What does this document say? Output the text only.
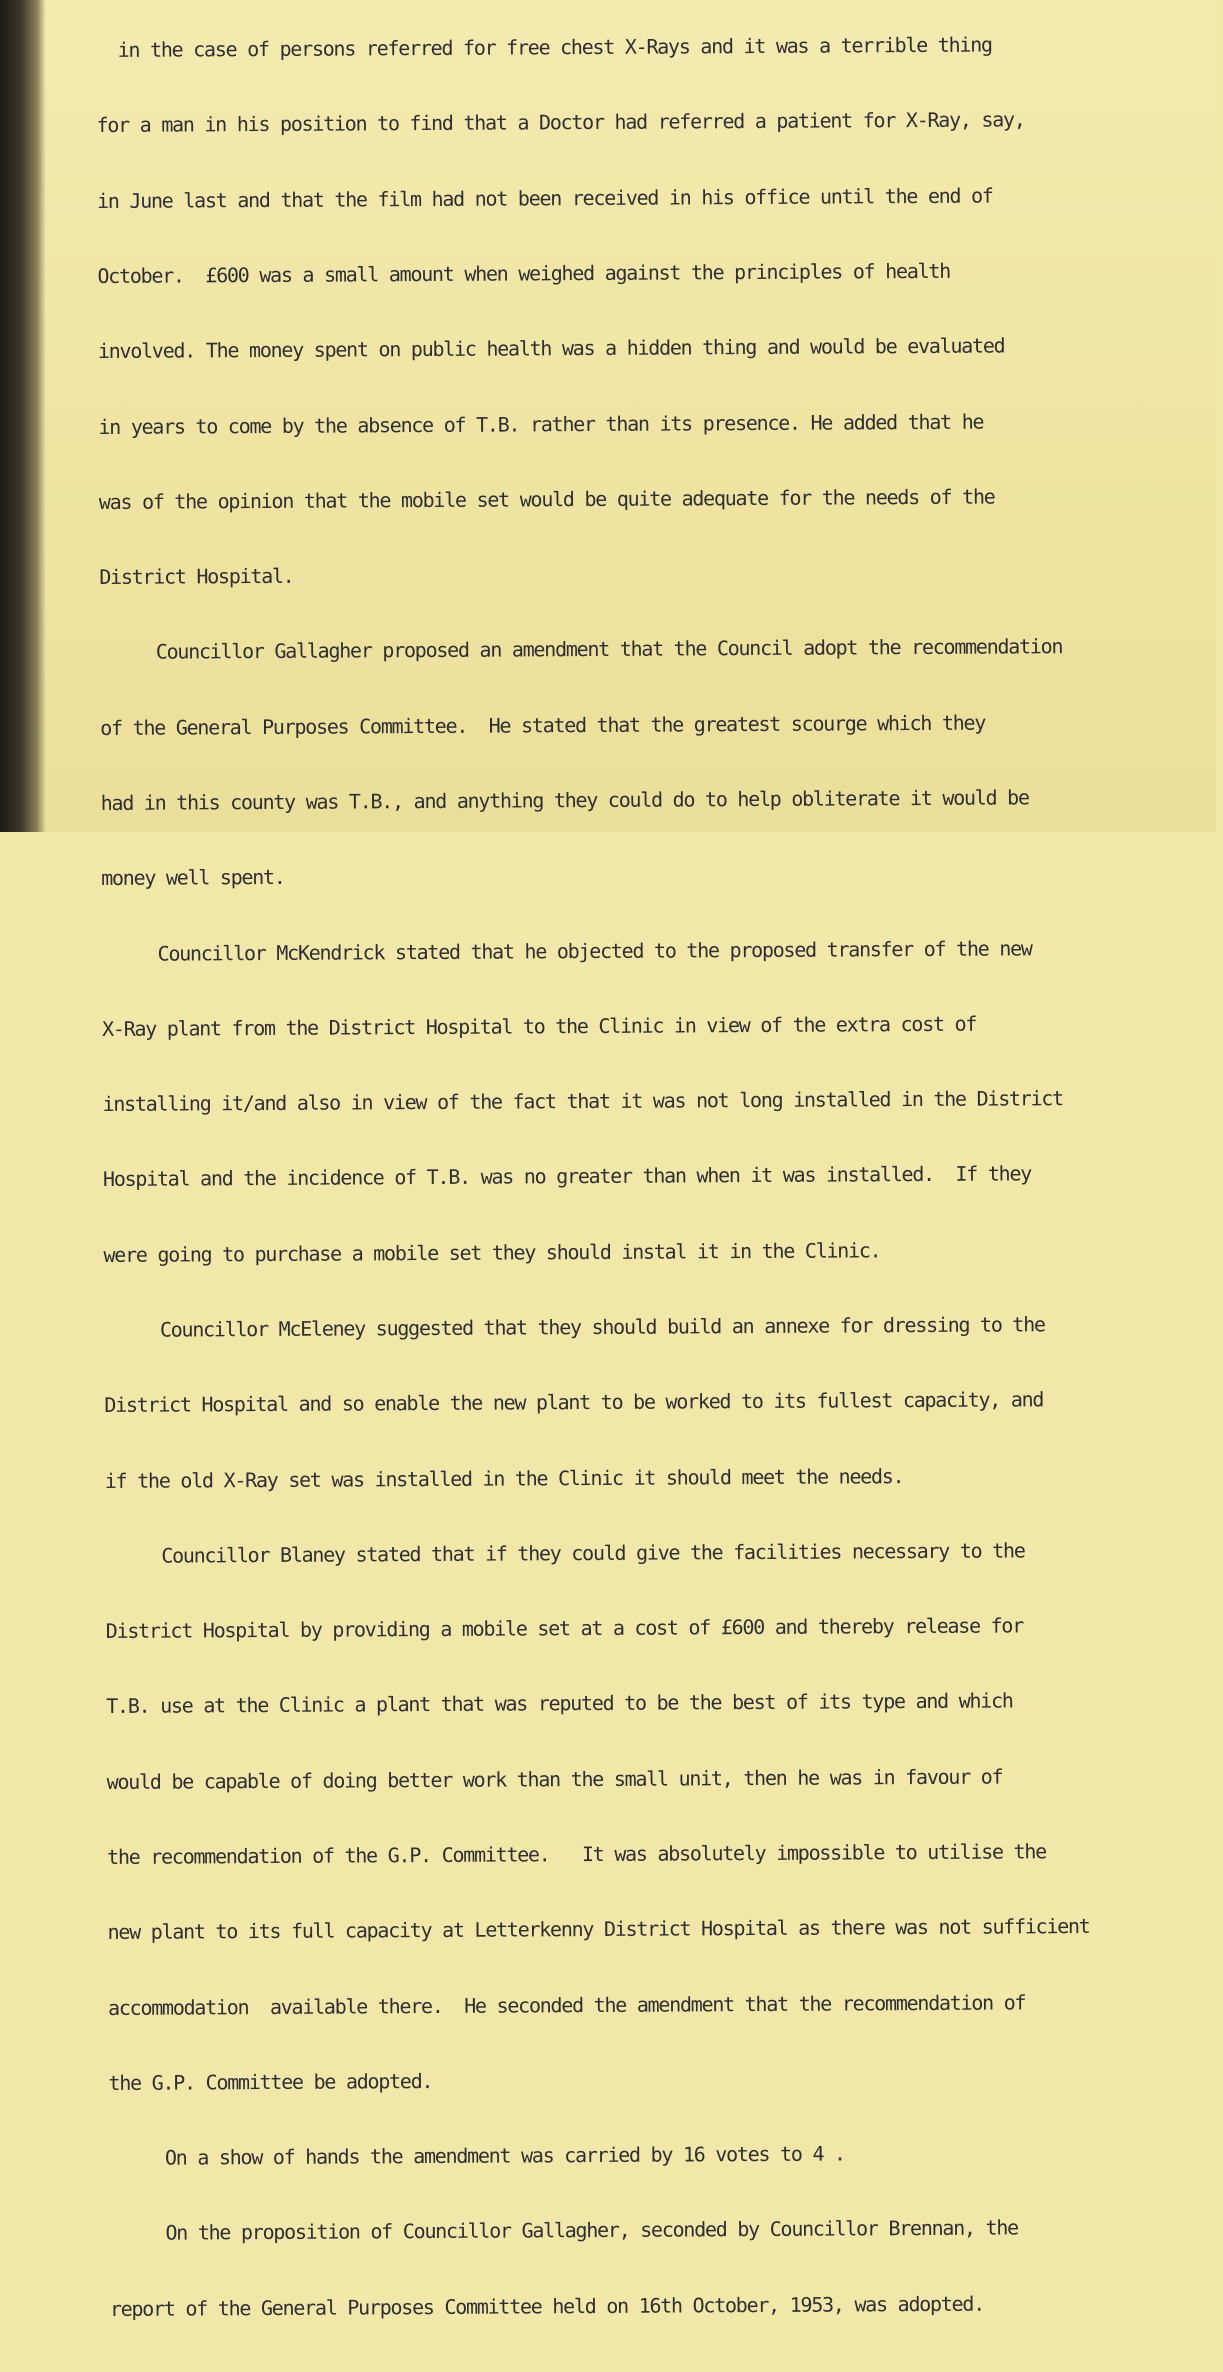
in the case of persons referred for free chest X-Rays and it was a terrible thing

for a man in his position to find that a Doctor had referred a patient for X-Ray, say,

in June last and that the film had not been received in his office until the end of

October.  £600 was a small amount when weighed against the principles of health

involved. The money spent on public health was a hidden thing and would be evaluated

in years to come by the absence of T.B. rather than its presence. He added that he

was of the opinion that the mobile set would be quite adequate for the needs of the

District Hospital.

Councillor Gallagher proposed an amendment that the Council adopt the recommendation

of the General Purposes Committee.  He stated that the greatest scourge which they

had in this county was T.B., and anything they could do to help obliterate it would be

money well spent.

Councillor McKendrick stated that he objected to the proposed transfer of the new

X-Ray plant from the District Hospital to the Clinic in view of the extra cost of

installing it/and also in view of the fact that it was not long installed in the District

Hospital and the incidence of T.B. was no greater than when it was installed.  If they

were going to purchase a mobile set they should instal it in the Clinic.

Councillor McEleney suggested that they should build an annexe for dressing to the

District Hospital and so enable the new plant to be worked to its fullest capacity, and

if the old X-Ray set was installed in the Clinic it should meet the needs.

Councillor Blaney stated that if they could give the facilities necessary to the

District Hospital by providing a mobile set at a cost of £600 and thereby release for

T.B. use at the Clinic a plant that was reputed to be the best of its type and which

would be capable of doing better work than the small unit, then he was in favour of

the recommendation of the G.P. Committee.   It was absolutely impossible to utilise the

new plant to its full capacity at Letterkenny District Hospital as there was not sufficient

accommodation  available there.  He seconded the amendment that the recommendation of

the G.P. Committee be adopted.

On a show of hands the amendment was carried by 16 votes to 4 .

On the proposition of Councillor Gallagher, seconded by Councillor Brennan, the

report of the General Purposes Committee held on 16th October, 1953, was adopted.
